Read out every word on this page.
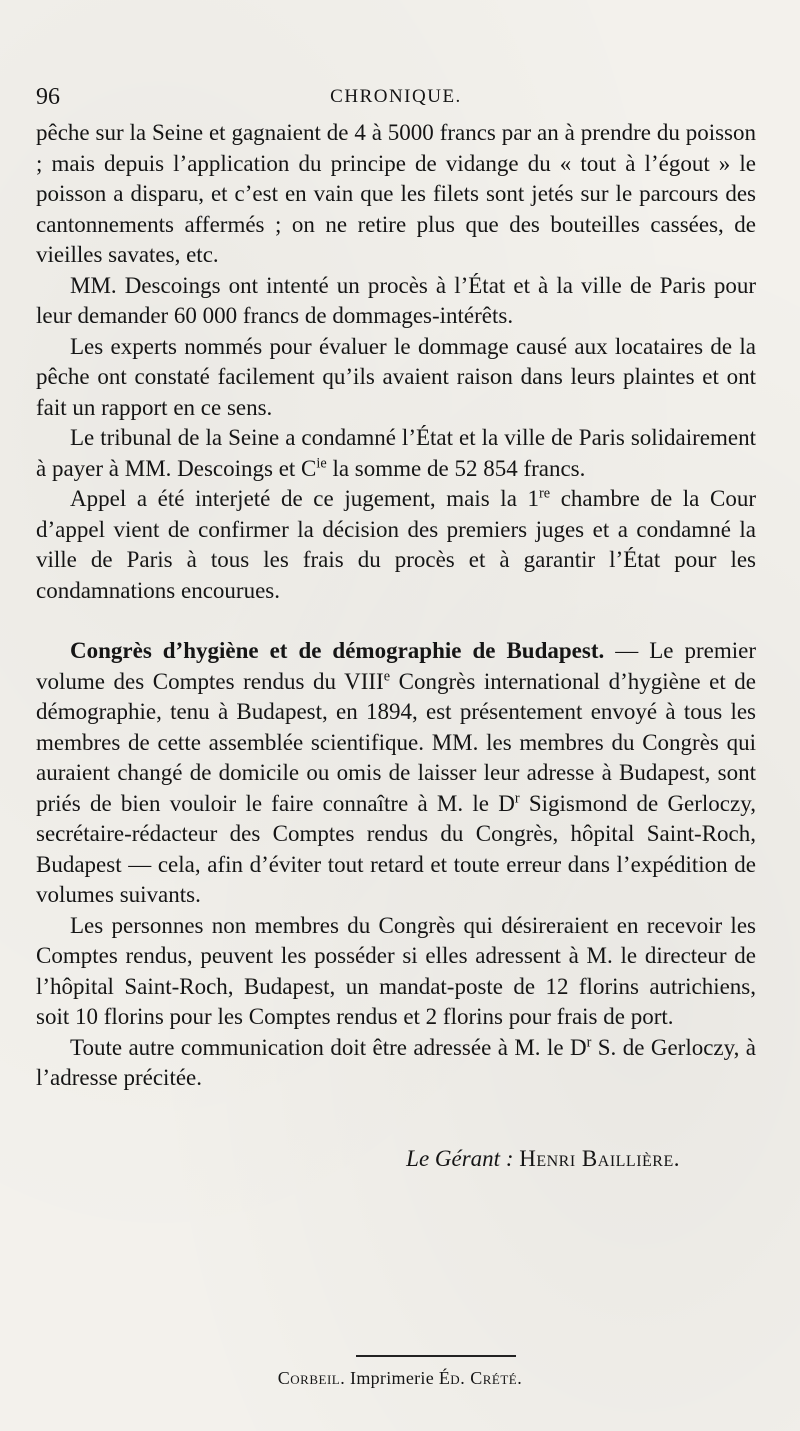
96	CHRONIQUE.

pêche sur la Seine et gagnaient de 4 à 5000 francs par an à prendre du poisson ; mais depuis l’application du principe de vidange du « tout à l’égout » le poisson a disparu, et c’est en vain que les filets sont jetés sur le parcours des cantonnements affermés ; on ne retire plus que des bouteilles cassées, de vieilles savates, etc.

MM. Descoings ont intenté un procès à l’État et à la ville de Paris pour leur demander 60 000 francs de dommages-intérêts.

Les experts nommés pour évaluer le dommage causé aux locataires de la pêche ont constaté facilement qu’ils avaient raison dans leurs plaintes et ont fait un rapport en ce sens.

Le tribunal de la Seine a condamné l’État et la ville de Paris solidairement à payer à MM. Descoings et $C^{ie}$ la somme de 52 854 francs.

Appel a été interjeté de ce jugement, mais la 1re chambre de la Cour d’appel vient de confirmer la décision des premiers juges et a condamné la ville de Paris à tous les frais du procès et à garantir l’État pour les condamnations encourues.

Congrès d’hygiène et de démographie de Budapest. — Le premier volume des Comptes rendus du VIIIe Congrès international d’hygiène et de démographie, tenu à Budapest, en 1894, est présentement envoyé à tous les membres de cette assemblée scientifique. MM. les membres du Congrès qui auraient changé de domicile ou omis de laisser leur adresse à Budapest, sont priés de bien vouloir le faire connaître à M. le $D^r$ Sigismond de Gerloczy, secrétaire-rédacteur des Comptes rendus du Congrès, hôpital Saint-Roch, Budapest — cela, afin d’éviter tout retard et toute erreur dans l’expédition de volumes suivants.

Les personnes non membres du Congrès qui désireraient en recevoir les Comptes rendus, peuvent les posséder si elles adressent à M. le directeur de l’hôpital Saint-Roch, Budapest, un mandat-poste de 12 florins autrichiens, soit 10 florins pour les Comptes rendus et 2 florins pour frais de port.

Toute autre communication doit être adressée à M. le $D^r$ S. de Gerloczy, à l’adresse précitée.

Le Gérant : Henri Baillière.
Corbeil. Imprimerie Éd. Crété.
